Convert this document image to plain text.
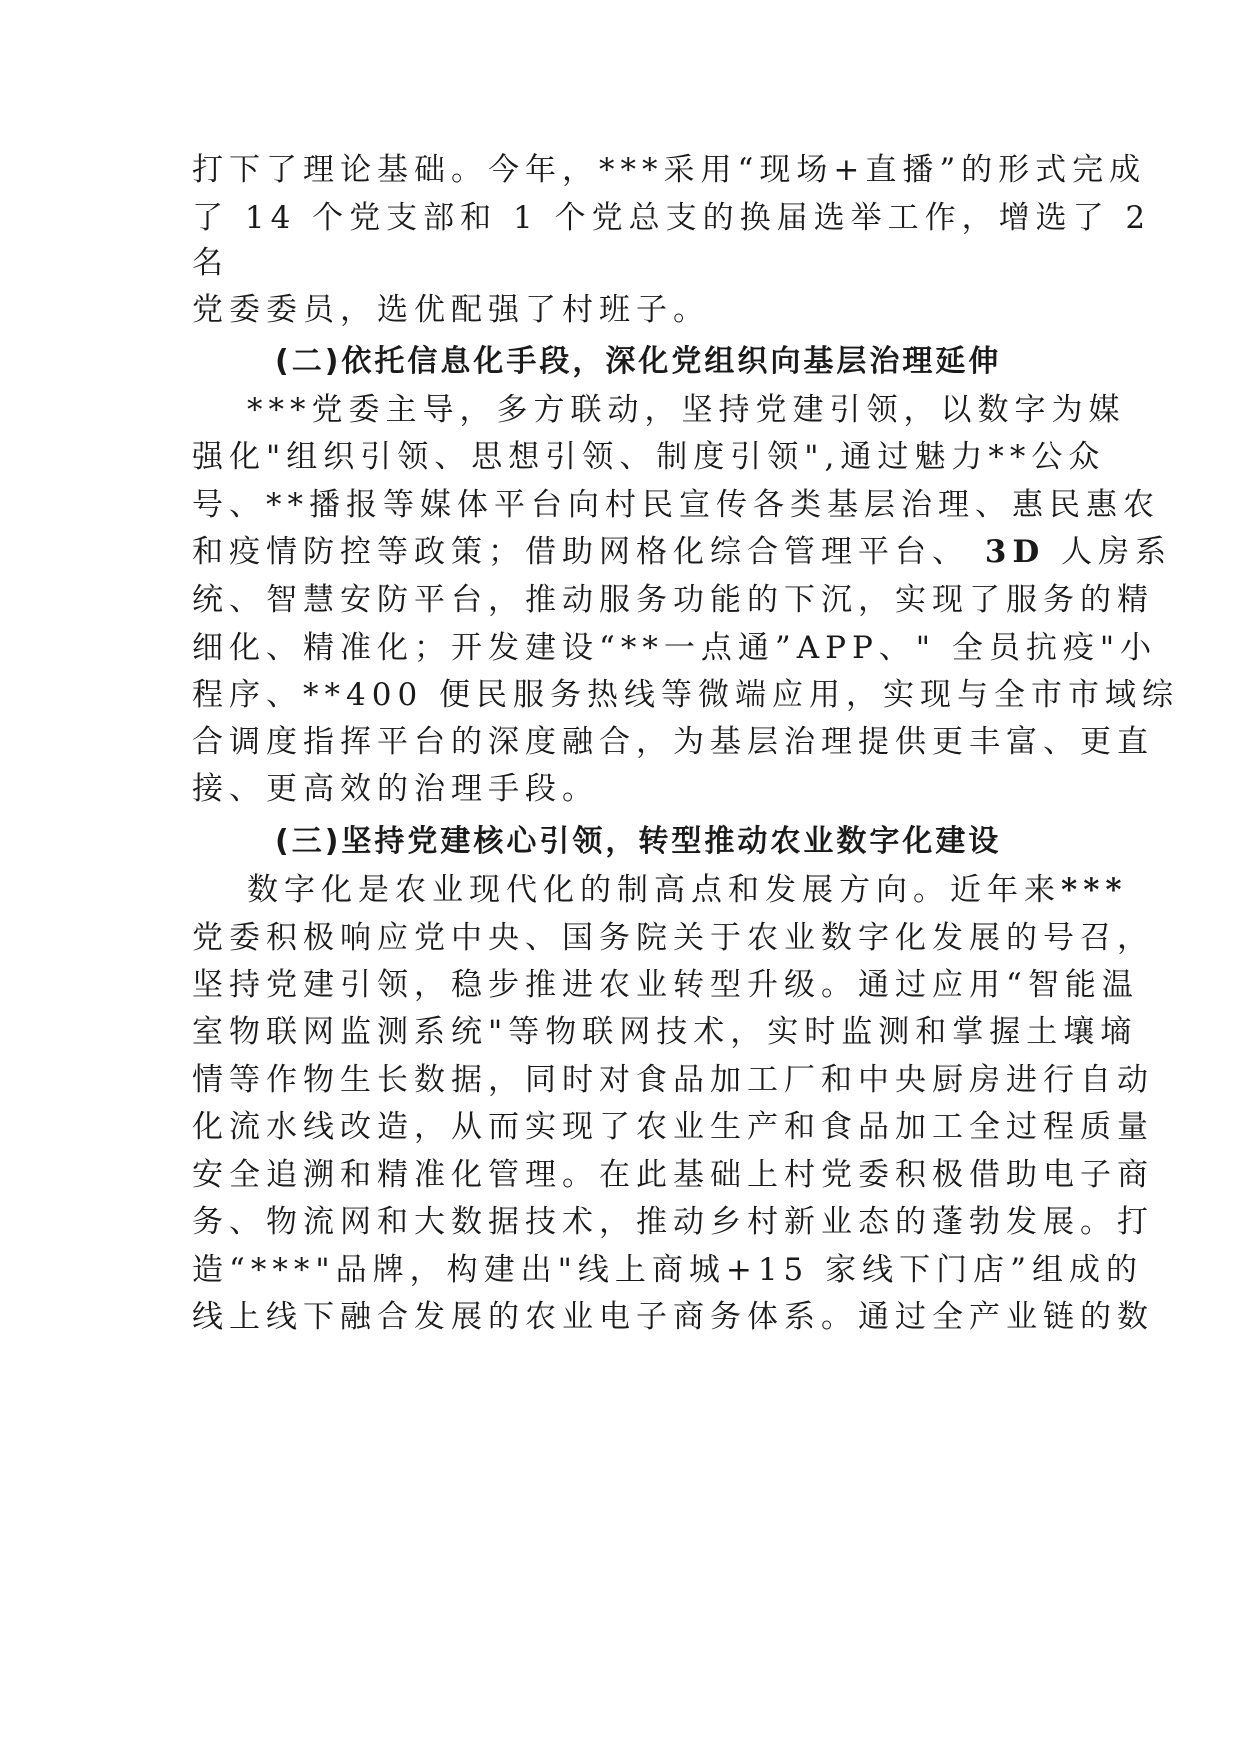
打下了理论基础。今年，***采用“现场+直播”的形式完成
了 14 个党支部和 1 个党总支的换届选举工作，增选了 2
名
党委委员，选优配强了村班子。
(二)依托信息化手段，深化党组织向基层治理延伸
***党委主导，多方联动，坚持党建引领，以数字为媒
强化"组织引领、思想引领、制度引领",通过魅力**公众
号、**播报等媒体平台向村民宣传各类基层治理、惠民惠农
和疫情防控等政策；借助网格化综合管理平台、 3D 人房系
统、智慧安防平台，推动服务功能的下沉，实现了服务的精
细化、精准化；开发建设“**一点通”APP、" 全员抗疫"小
程序、**400 便民服务热线等微端应用，实现与全市市域综
合调度指挥平台的深度融合，为基层治理提供更丰富、更直
接、更高效的治理手段。
(三)坚持党建核心引领，转型推动农业数字化建设
数字化是农业现代化的制高点和发展方向。近年来***
党委积极响应党中央、国务院关于农业数字化发展的号召，
坚持党建引领，稳步推进农业转型升级。通过应用“智能温
室物联网监测系统"等物联网技术，实时监测和掌握土壤墒
情等作物生长数据，同时对食品加工厂和中央厨房进行自动
化流水线改造，从而实现了农业生产和食品加工全过程质量
安全追溯和精准化管理。在此基础上村党委积极借助电子商
务、物流网和大数据技术，推动乡村新业态的蓬勃发展。打
造“***"品牌，构建出"线上商城+15 家线下门店”组成的
线上线下融合发展的农业电子商务体系。通过全产业链的数
